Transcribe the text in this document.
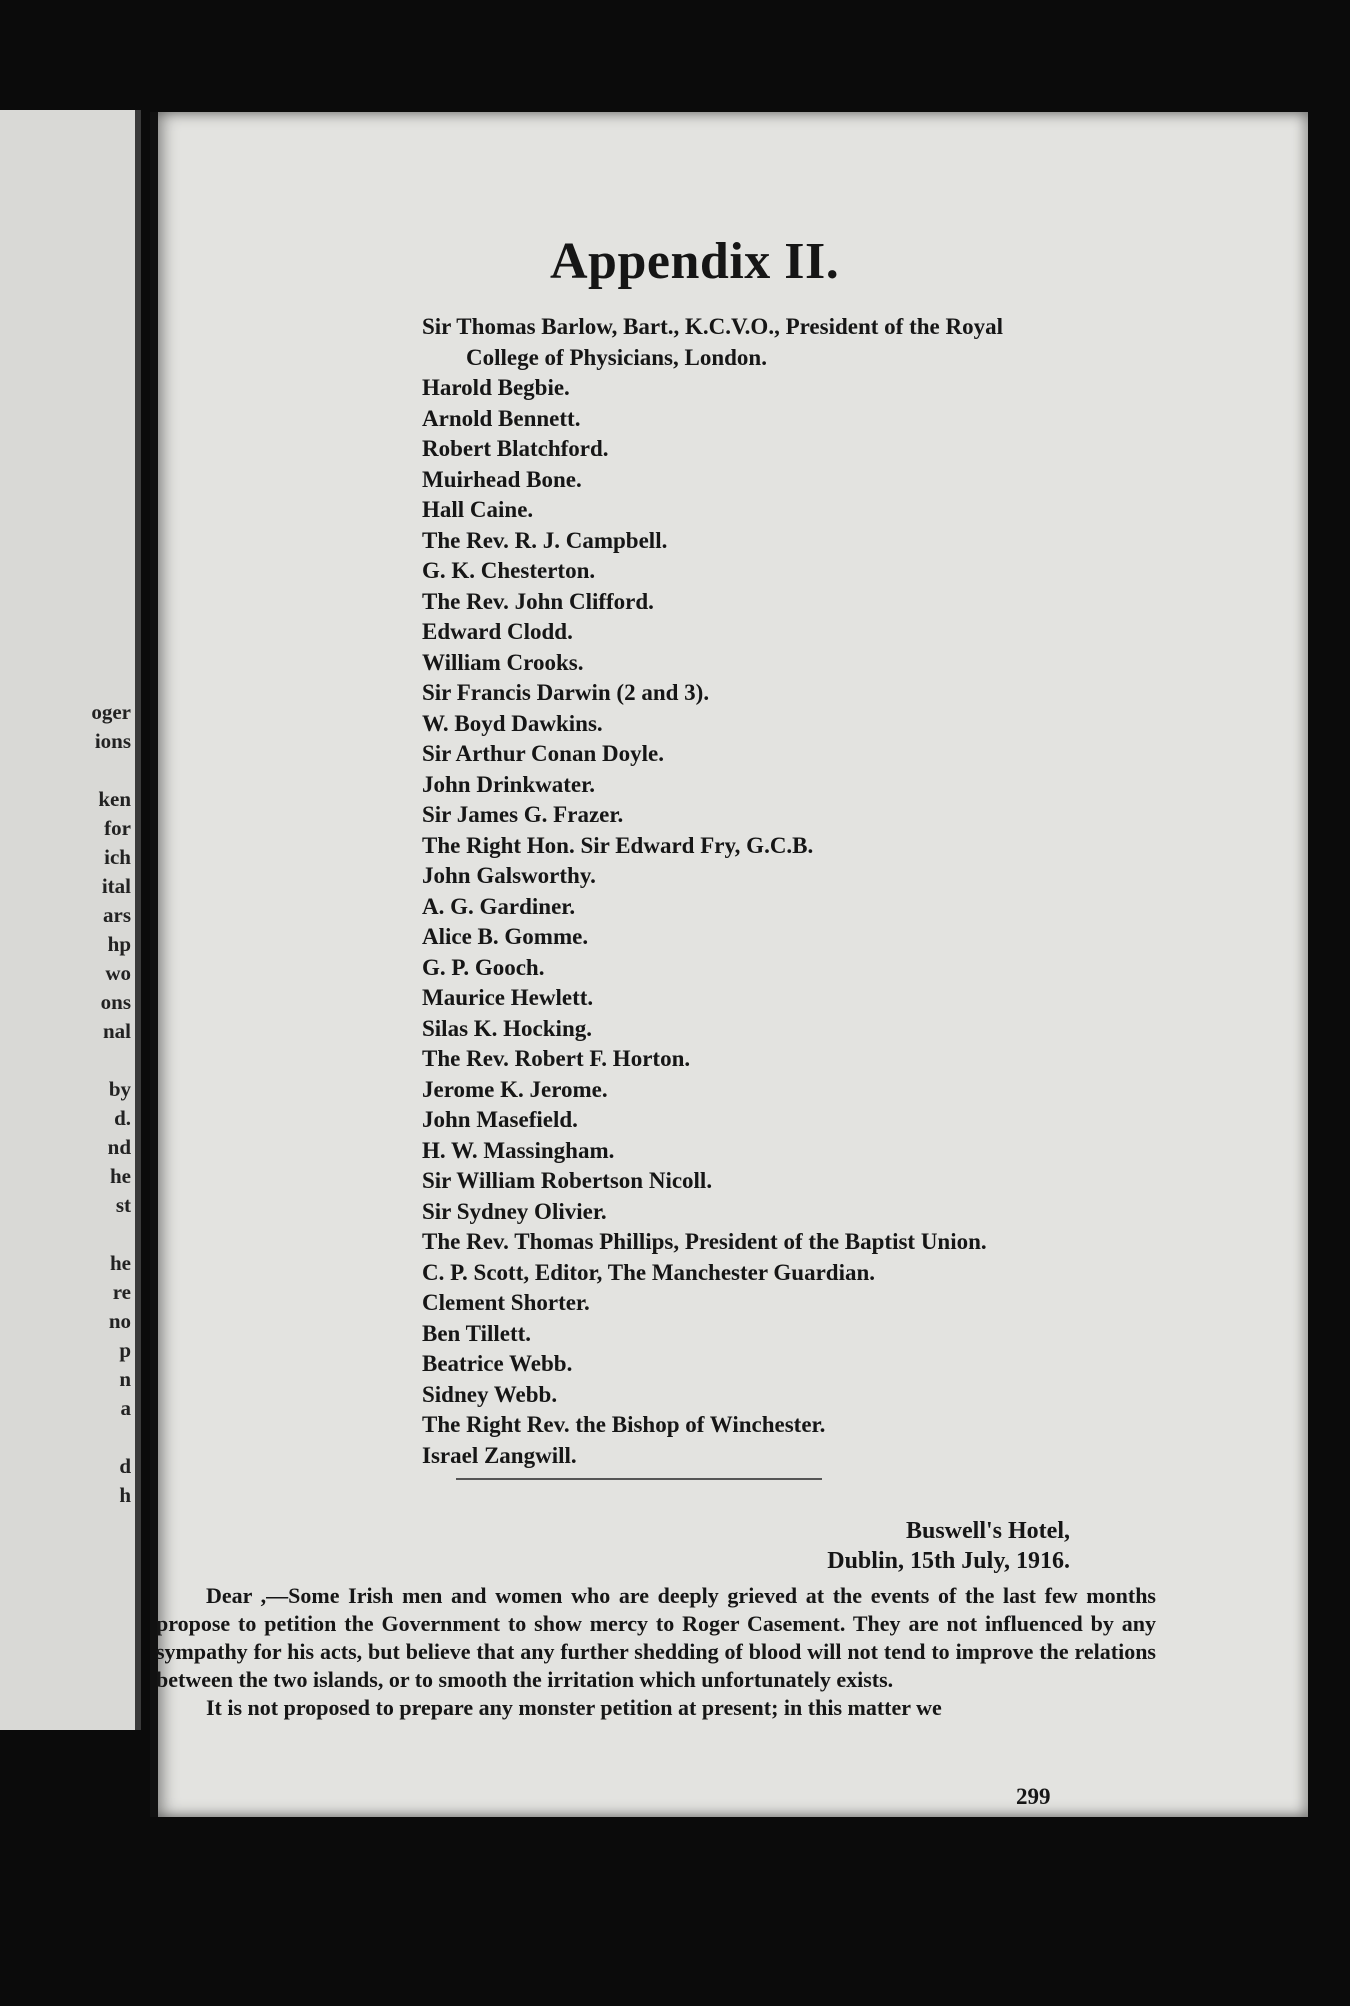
oger
ions
ken
for
ich
ital
ars
hp
wo
ons
nal
by
d.
nd
he
st
he
re
no
p
n
a
d
h
Appendix II.
Sir Thomas Barlow, Bart., K.C.V.O., President of the Royal
College of Physicians, London.
Harold Begbie.
Arnold Bennett.
Robert Blatchford.
Muirhead Bone.
Hall Caine.
The Rev. R. J. Campbell.
G. K. Chesterton.
The Rev. John Clifford.
Edward Clodd.
William Crooks.
Sir Francis Darwin (2 and 3).
W. Boyd Dawkins.
Sir Arthur Conan Doyle.
John Drinkwater.
Sir James G. Frazer.
The Right Hon. Sir Edward Fry, G.C.B.
John Galsworthy.
A. G. Gardiner.
Alice B. Gomme.
G. P. Gooch.
Maurice Hewlett.
Silas K. Hocking.
The Rev. Robert F. Horton.
Jerome K. Jerome.
John Masefield.
H. W. Massingham.
Sir William Robertson Nicoll.
Sir Sydney Olivier.
The Rev. Thomas Phillips, President of the Baptist Union.
C. P. Scott, Editor, The Manchester Guardian.
Clement Shorter.
Ben Tillett.
Beatrice Webb.
Sidney Webb.
The Right Rev. the Bishop of Winchester.
Israel Zangwill.
Buswell's Hotel,
Dublin, 15th July, 1916.

Dear ,—Some Irish men and women who are deeply grieved at the events of the last few months propose to petition the Government to show mercy to Roger Casement. They are not influenced by any sympathy for his acts, but believe that any further shedding of blood will not tend to improve the relations between the two islands, or to smooth the irritation which unfortunately exists.

It is not proposed to prepare any monster petition at present; in this matter we

299
